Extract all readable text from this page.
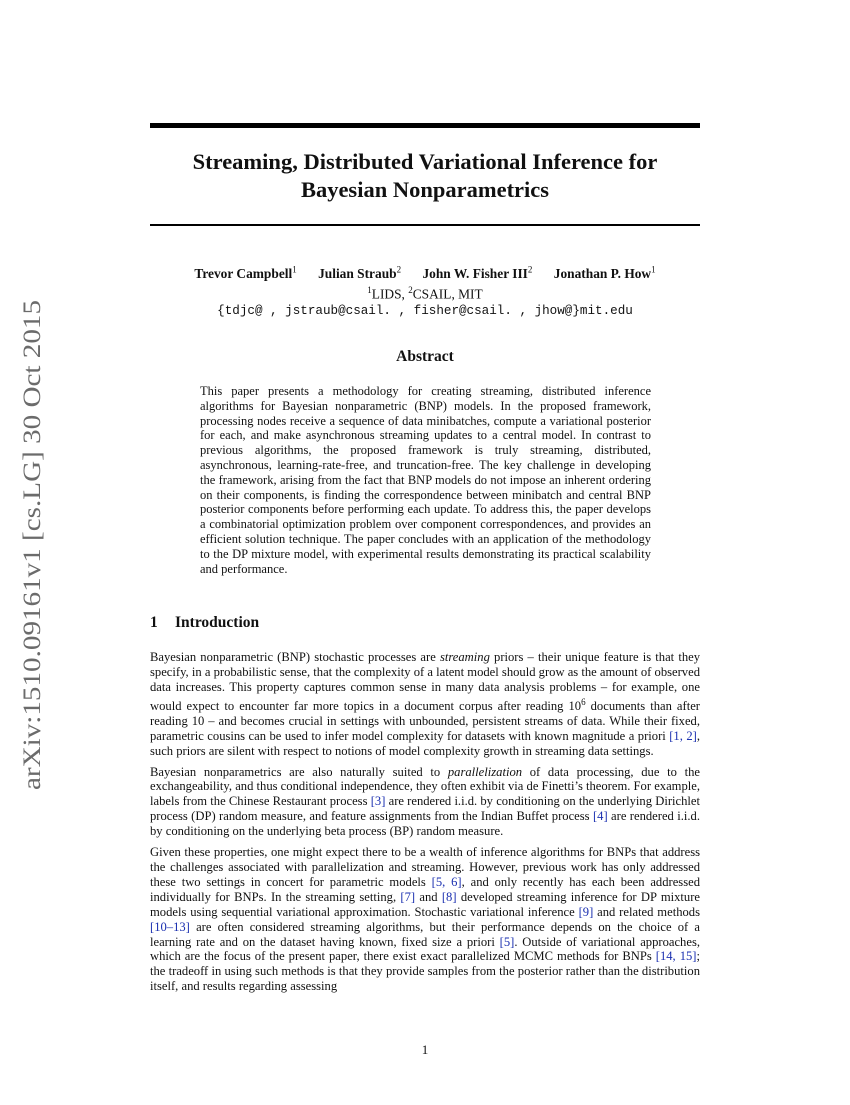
arXiv:1510.09161v1 [cs.LG] 30 Oct 2015
Streaming, Distributed Variational Inference for
Bayesian Nonparametrics
Trevor Campbell$^1$ Julian Straub$^2$ John W. Fisher III$^2$ Jonathan P. How$^1$
$^1$LIDS, $^2$CSAIL, MIT
{tdjc@ , jstraub@csail. , fisher@csail. , jhow@}mit.edu
Abstract
This paper presents a methodology for creating streaming, distributed inference algorithms for Bayesian nonparametric (BNP) models. In the proposed framework, processing nodes receive a sequence of data minibatches, compute a variational posterior for each, and make asynchronous streaming updates to a central model. In contrast to previous algorithms, the proposed framework is truly streaming, distributed, asynchronous, learning-rate-free, and truncation-free. The key challenge in developing the framework, arising from the fact that BNP models do not impose an inherent ordering on their components, is finding the correspondence between minibatch and central BNP posterior components before performing each update. To address this, the paper develops a combinatorial optimization problem over component correspondences, and provides an efficient solution technique. The paper concludes with an application of the methodology to the DP mixture model, with experimental results demonstrating its practical scalability and performance.
1 Introduction

Bayesian nonparametric (BNP) stochastic processes are streaming priors – their unique feature is that they specify, in a probabilistic sense, that the complexity of a latent model should grow as the amount of observed data increases. This property captures common sense in many data analysis problems – for example, one would expect to encounter far more topics in a document corpus after reading $10^6$ documents than after reading 10 – and becomes crucial in settings with unbounded, persistent streams of data. While their fixed, parametric cousins can be used to infer model complexity for datasets with known magnitude a priori [1, 2], such priors are silent with respect to notions of model complexity growth in streaming data settings.

Bayesian nonparametrics are also naturally suited to parallelization of data processing, due to the exchangeability, and thus conditional independence, they often exhibit via de Finetti’s theorem. For example, labels from the Chinese Restaurant process [3] are rendered i.i.d. by conditioning on the underlying Dirichlet process (DP) random measure, and feature assignments from the Indian Buffet process [4] are rendered i.i.d. by conditioning on the underlying beta process (BP) random measure.

Given these properties, one might expect there to be a wealth of inference algorithms for BNPs that address the challenges associated with parallelization and streaming. However, previous work has only addressed these two settings in concert for parametric models [5, 6], and only recently has each been addressed individually for BNPs. In the streaming setting, [7] and [8] developed streaming inference for DP mixture models using sequential variational approximation. Stochastic variational inference [9] and related methods [10–13] are often considered streaming algorithms, but their performance depends on the choice of a learning rate and on the dataset having known, fixed size a priori [5]. Outside of variational approaches, which are the focus of the present paper, there exist exact parallelized MCMC methods for BNPs [14, 15]; the tradeoff in using such methods is that they provide samples from the posterior rather than the distribution itself, and results regarding assessing

1
